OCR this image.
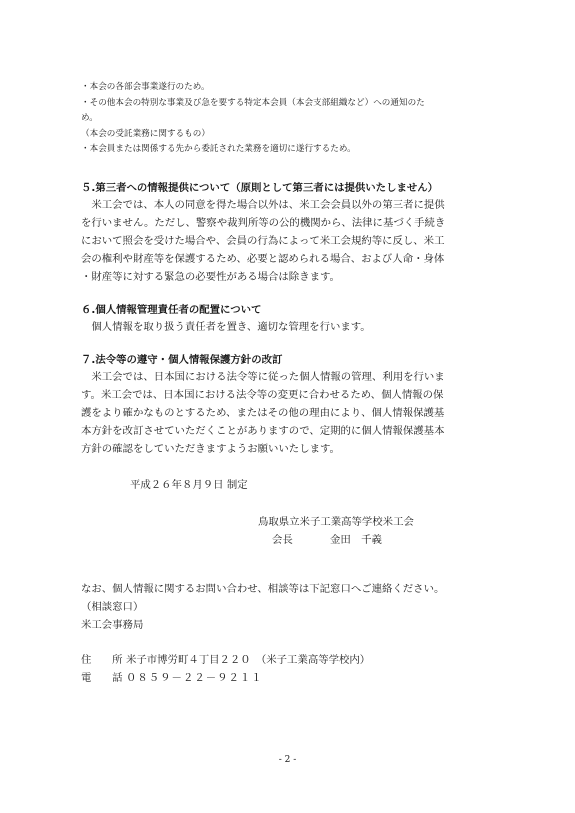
・本会の各部会事業遂行のため。
・その他本会の特別な事業及び急を要する特定本会員（本会支部組織など）への通知のた
め。
（本会の受託業務に関するもの）
・本会員または関係する先から委託された業務を適切に遂行するため。
５.第三者への情報提供について（原則として第三者には提供いたしません）
　米工会では、本人の同意を得た場合以外は、米工会会員以外の第三者に提供
を行いません。ただし、警察や裁判所等の公的機関から、法律に基づく手続き
において照会を受けた場合や、会員の行為によって米工会規約等に反し、米工
会の権利や財産等を保護するため、必要と認められる場合、および人命・身体
・財産等に対する緊急の必要性がある場合は除きます。
６.個人情報管理責任者の配置について
　個人情報を取り扱う責任者を置き、適切な管理を行います。
７.法令等の遵守・個人情報保護方針の改訂
　米工会では、日本国における法令等に従った個人情報の管理、利用を行いま
す。米工会では、日本国における法令等の変更に合わせるため、個人情報の保
護をより確かなものとするため、またはその他の理由により、個人情報保護基
本方針を改訂させていただくことがありますので、定期的に個人情報保護基本
方針の確認をしていただきますようお願いいたします。
平成２６年８月９日 制定
鳥取県立米子工業高等学校米工会
会長	金田　千義
なお、個人情報に関するお問い合わせ、相談等は下記窓口へご連絡ください。
（相談窓口）
米工会事務局
住　　所 米子市博労町４丁目２２０　（米子工業高等学校内）
電　　話 ０８５９－２２－９２１１
- 2 -
